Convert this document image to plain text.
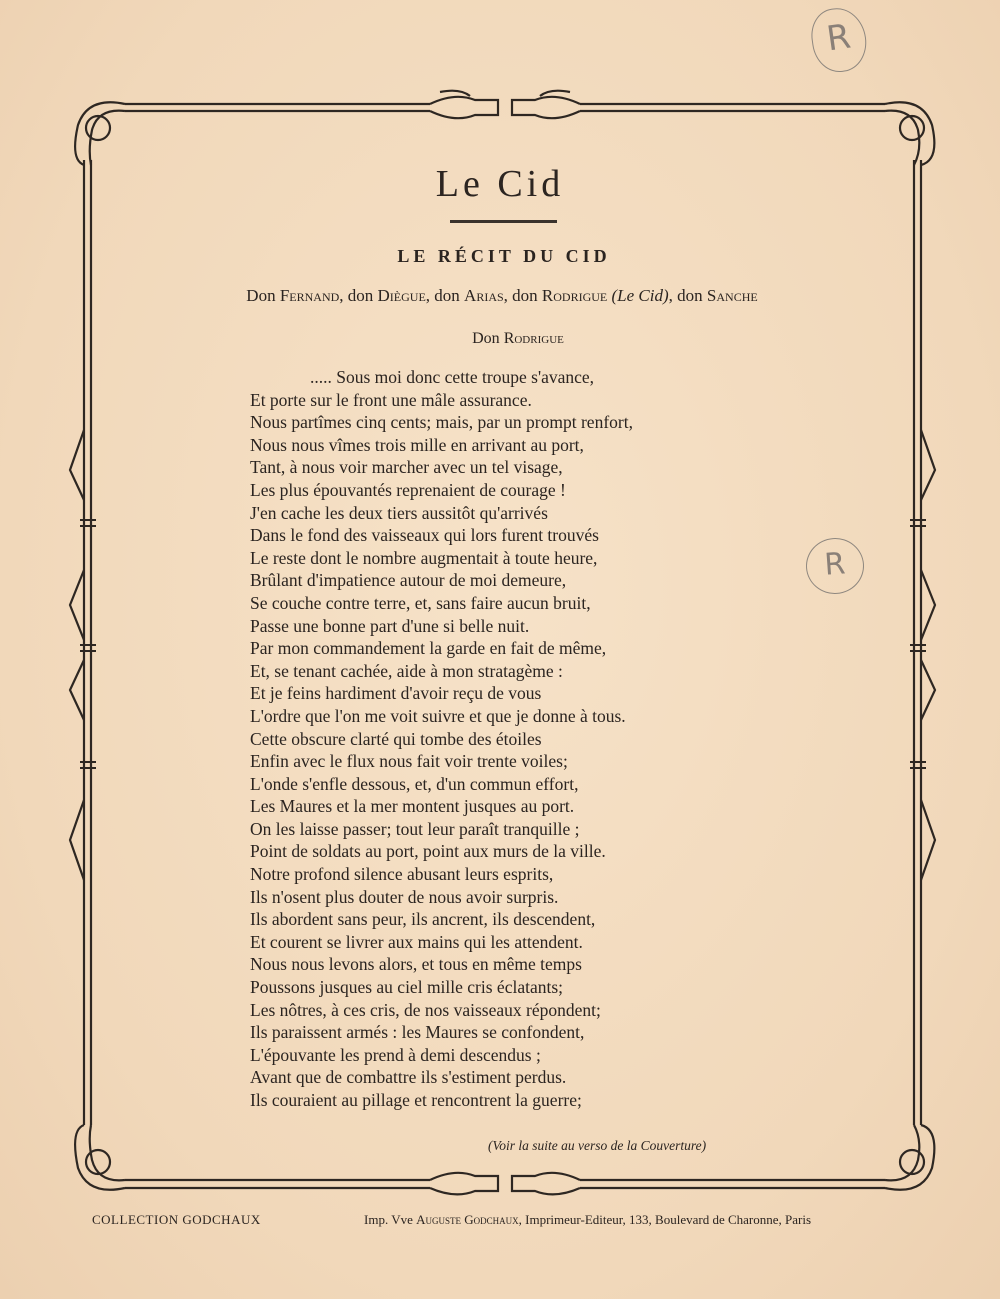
R
R
Le Cid
LE RÉCIT DU CID
Don Fernand, don Diègue, don Arias, don Rodrigue (Le Cid), don Sanche
Don Rodrigue
..... Sous moi donc cette troupe s'avance,
Et porte sur le front une mâle assurance.
Nous partîmes cinq cents; mais, par un prompt renfort,
Nous nous vîmes trois mille en arrivant au port,
Tant, à nous voir marcher avec un tel visage,
Les plus épouvantés reprenaient de courage !
J'en cache les deux tiers aussitôt qu'arrivés
Dans le fond des vaisseaux qui lors furent trouvés
Le reste dont le nombre augmentait à toute heure,
Brûlant d'impatience autour de moi demeure,
Se couche contre terre, et, sans faire aucun bruit,
Passe une bonne part d'une si belle nuit.
Par mon commandement la garde en fait de même,
Et, se tenant cachée, aide à mon stratagème :
Et je feins hardiment d'avoir reçu de vous
L'ordre que l'on me voit suivre et que je donne à tous.
Cette obscure clarté qui tombe des étoiles
Enfin avec le flux nous fait voir trente voiles;
L'onde s'enfle dessous, et, d'un commun effort,
Les Maures et la mer montent jusques au port.
On les laisse passer; tout leur paraît tranquille ;
Point de soldats au port, point aux murs de la ville.
Notre profond silence abusant leurs esprits,
Ils n'osent plus douter de nous avoir surpris.
Ils abordent sans peur, ils ancrent, ils descendent,
Et courent se livrer aux mains qui les attendent.
Nous nous levons alors, et tous en même temps
Poussons jusques au ciel mille cris éclatants;
Les nôtres, à ces cris, de nos vaisseaux répondent;
Ils paraissent armés : les Maures se confondent,
L'épouvante les prend à demi descendus ;
Avant que de combattre ils s'estiment perdus.
Ils couraient au pillage et rencontrent la guerre;
(Voir la suite au verso de la Couverture)
COLLECTION GODCHAUX	Imp. Vve Auguste Godchaux, Imprimeur-Editeur, 133, Boulevard de Charonne, Paris
